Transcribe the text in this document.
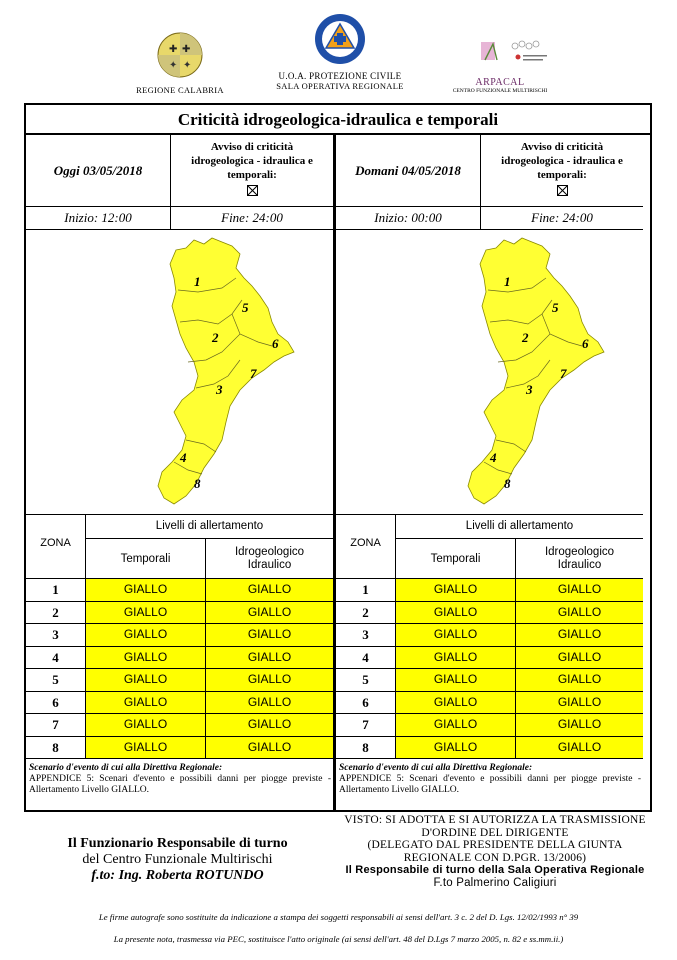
✚ ✚
✦ ✦
REGIONE CALABRIA
U.O.A. PROTEZIONE CIVILE
SALA OPERATIVA REGIONALE	ARPACAL
CENTRO FUNZIONALE MULTIRISCHI
Criticità idrogeologica-idraulica e temporali
Oggi 03/05/2018
Avviso di criticità
idrogeologica - idraulica e
temporali:
Inizio: 12:00	Fine: 24:00
1
2
3
4
5
6
7
8
ZONA
Livelli di allertamento
Temporali
Idrogeologico
Idraulico
1	GIALLO	GIALLO
2	GIALLO	GIALLO
3	GIALLO	GIALLO
4	GIALLO	GIALLO
5	GIALLO	GIALLO
6	GIALLO	GIALLO
7	GIALLO	GIALLO
8	GIALLO	GIALLO
Scenario d'evento di cui alla Direttiva Regionale:
APPENDICE 5: Scenari d'evento e possibili danni per piogge previste - Allertamento Livello GIALLO.
Domani 04/05/2018
Avviso di criticità
idrogeologica - idraulica e
temporali:
Inizio: 00:00	Fine: 24:00
1
2
3
4
5
6
7
8
ZONA
Livelli di allertamento
Temporali
Idrogeologico
Idraulico
1	GIALLO	GIALLO
2	GIALLO	GIALLO
3	GIALLO	GIALLO
4	GIALLO	GIALLO
5	GIALLO	GIALLO
6	GIALLO	GIALLO
7	GIALLO	GIALLO
8	GIALLO	GIALLO
Scenario d'evento di cui alla Direttiva Regionale:
APPENDICE 5: Scenari d'evento e possibili danni per piogge previste - Allertamento Livello GIALLO.
Il Funzionario Responsabile di turno
del Centro Funzionale Multirischi
f.to: Ing. Roberta ROTUNDO
VISTO: SI ADOTTA E SI AUTORIZZA LA TRASMISSIONE
D'ORDINE DEL DIRIGENTE
(DELEGATO DAL PRESIDENTE DELLA GIUNTA
REGIONALE CON D.PGR. 13/2006)
Il Responsabile di turno della Sala Operativa Regionale
F.to Palmerino Caligiuri
Le firme autografe sono sostituite da indicazione a stampa dei soggetti responsabili ai sensi dell'art. 3 c. 2 del D. Lgs. 12/02/1993 n° 39
La presente nota, trasmessa via PEC, sostituisce l'atto originale (ai sensi dell'art. 48 del D.Lgs 7 marzo 2005, n. 82 e ss.mm.ii.)
